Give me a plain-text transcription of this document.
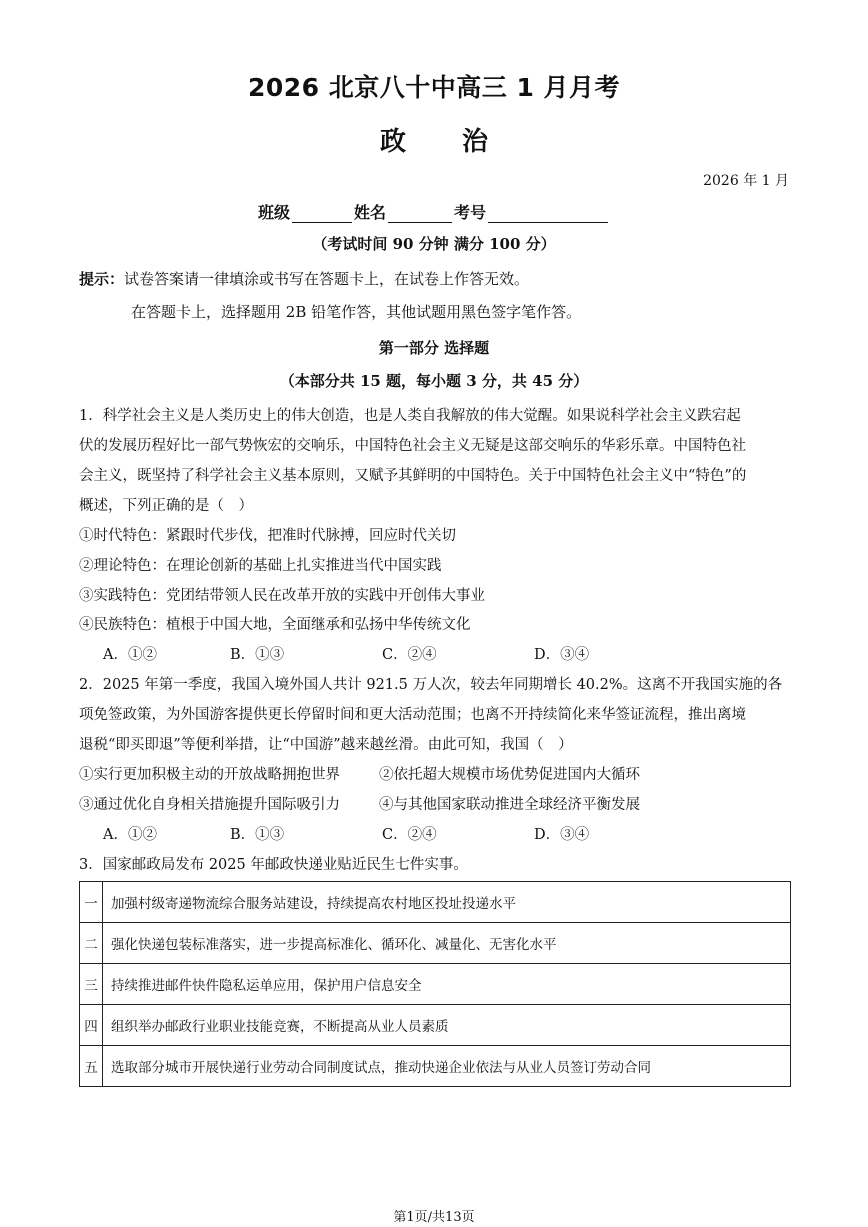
2026 北京八十中高三 1 月月考
政 治
2026 年 1 月
班级	姓名	考号
（考试时间 90 分钟 满分 100 分）
提示：试卷答案请一律填涂或书写在答题卡上，在试卷上作答无效。
在答题卡上，选择题用 2B 铅笔作答，其他试题用黑色签字笔作答。
第一部分 选择题
（本部分共 15 题，每小题 3 分，共 45 分）
1．科学社会主义是人类历史上的伟大创造，也是人类自我解放的伟大觉醒。如果说科学社会主义跌宕起
伏的发展历程好比一部气势恢宏的交响乐，中国特色社会主义无疑是这部交响乐的华彩乐章。中国特色社
会主义，既坚持了科学社会主义基本原则，又赋予其鲜明的中国特色。关于中国特色社会主义中“特色”的
概述，下列正确的是（　）
①时代特色：紧跟时代步伐，把准时代脉搏，回应时代关切
②理论特色：在理论创新的基础上扎实推进当代中国实践
③实践特色：党团结带领人民在改革开放的实践中开创伟大事业
④民族特色：植根于中国大地，全面继承和弘扬中华传统文化
A．①②	B．①③	C．②④	D．③④
2．2025 年第一季度，我国入境外国人共计 921.5 万人次，较去年同期增长 40.2%。这离不开我国实施的各
项免签政策，为外国游客提供更长停留时间和更大活动范围；也离不开持续简化来华签证流程，推出离境
退税“即买即退”等便利举措，让“中国游”越来越丝滑。由此可知，我国（　）
①实行更加积极主动的开放战略拥抱世界	②依托超大规模市场优势促进国内大循环
③通过优化自身相关措施提升国际吸引力	④与其他国家联动推进全球经济平衡发展
A．①②	B．①③	C．②④	D．③④
3．国家邮政局发布 2025 年邮政快递业贴近民生七件实事。
一	加强村级寄递物流综合服务站建设，持续提高农村地区投址投递水平
二	强化快递包装标准落实，进一步提高标准化、循环化、减量化、无害化水平
三	持续推进邮件快件隐私运单应用，保护用户信息安全
四	组织举办邮政行业职业技能竞赛，不断提高从业人员素质
五	选取部分城市开展快递行业劳动合同制度试点，推动快递企业依法与从业人员签订劳动合同
第1页/共13页
